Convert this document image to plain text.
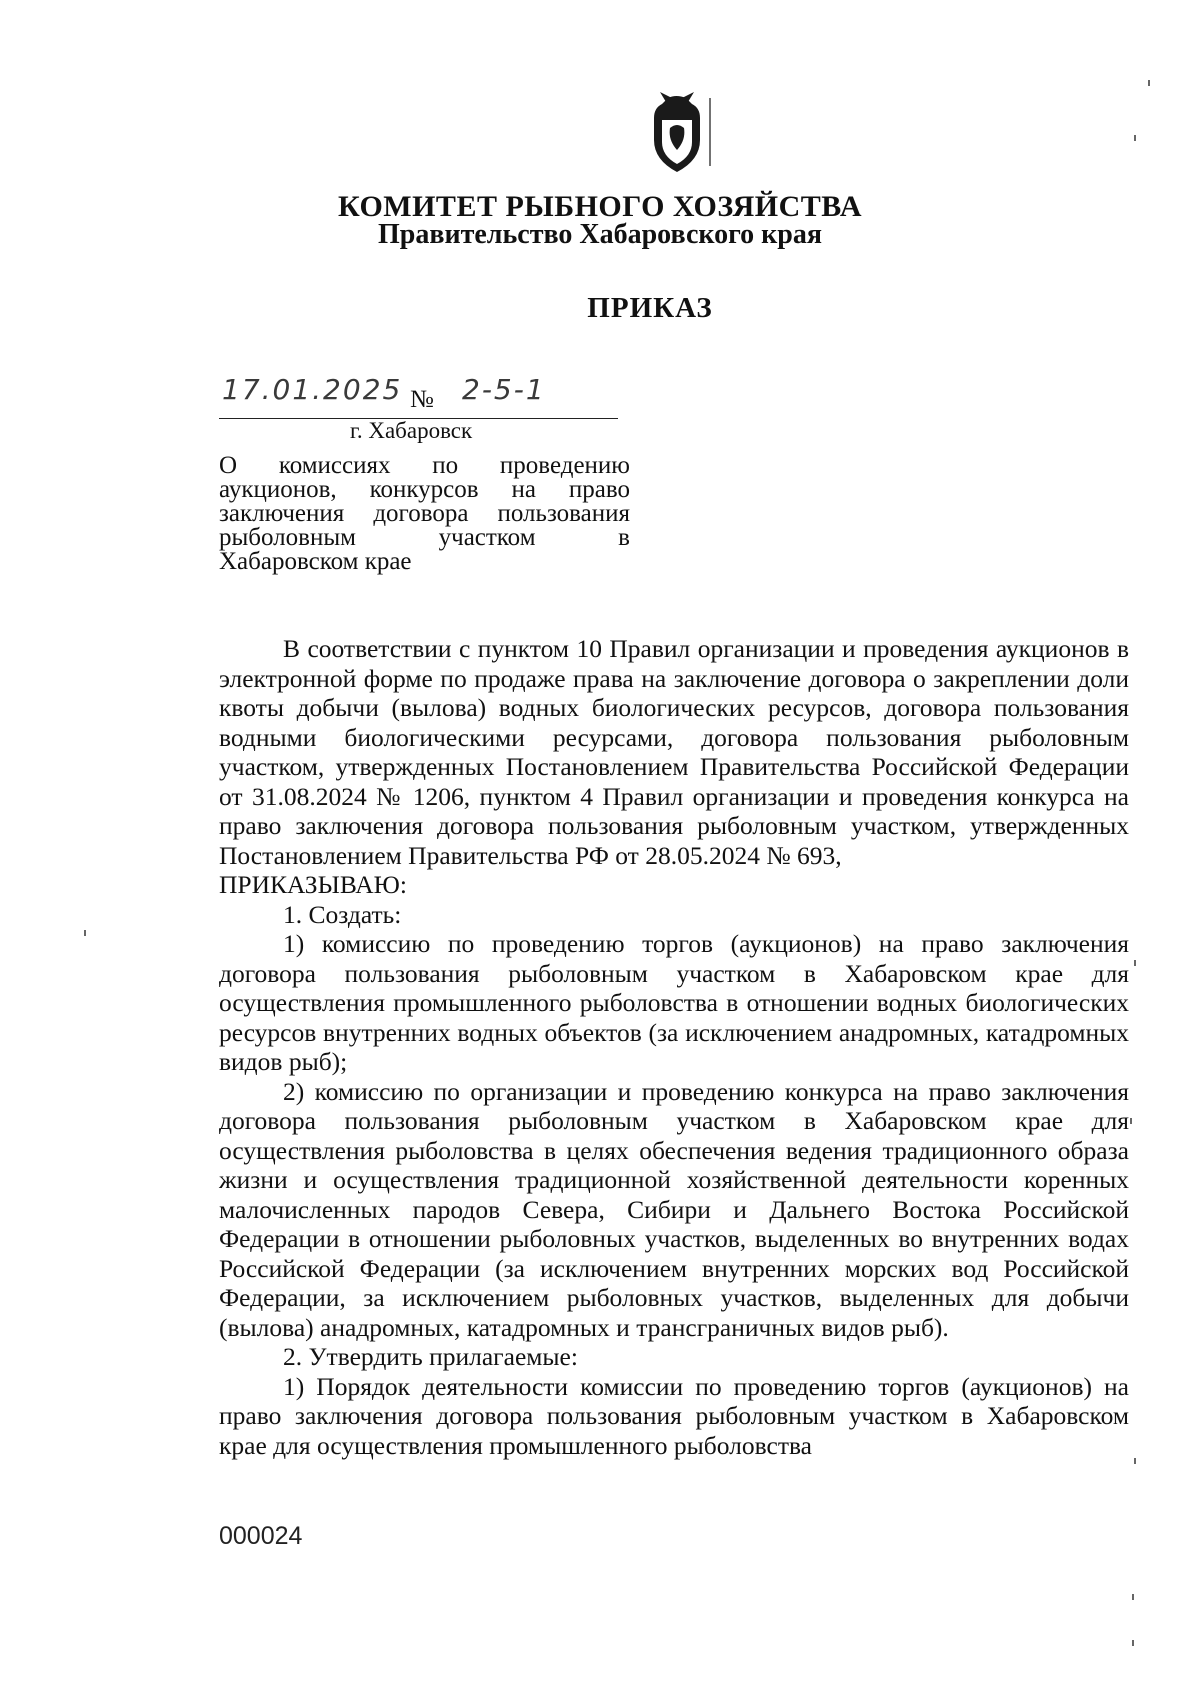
КОМИТЕТ РЫБНОГО ХОЗЯЙСТВА
Правительство Хабаровского края
ПРИКАЗ
17.01.2025 № 2-5-1
г. Хабаровск
О комиссиях по проведению
аукционов, конкурсов на право
заключения договора пользования
рыболовным участком в
Хабаровском крае

В соответствии с пунктом 10 Правил организации и проведения аукционов в электронной форме по продаже права на заключение договора о закреплении доли квоты добычи (вылова) водных биологических ресурсов, договора пользования водными биологическими ресурсами, договора пользования рыболовным участком, утвержденных Постановлением Правительства Российской Федерации от 31.08.2024 № 1206, пунктом 4 Правил организации и проведения конкурса на право заключения договора пользования рыболовным участком, утвержденных Постановлением Правительства РФ от 28.05.2024 № 693,

ПРИКАЗЫВАЮ:

1. Создать:

1) комиссию по проведению торгов (аукционов) на право заключения договора пользования рыболовным участком в Хабаровском крае для осуществления промышленного рыболовства в отношении водных биологических ресурсов внутренних водных объектов (за исключением анадромных, катадромных видов рыб);

2) комиссию по организации и проведению конкурса на право заключения договора пользования рыболовным участком в Хабаровском крае для осуществления рыболовства в целях обеспечения ведения традиционного образа жизни и осуществления традиционной хозяйственной деятельности коренных малочисленных пародов Севера, Сибири и Дальнего Востока Российской Федерации в отношении рыболовных участков, выделенных во внутренних водах Российской Федерации (за исключением внутренних морских вод Российской Федерации, за исключением рыболовных участков, выделенных для добычи (вылова) анадромных, катадромных и трансграничных видов рыб).

2. Утвердить прилагаемые:

1) Порядок деятельности комиссии по проведению торгов (аукционов) на право заключения договора пользования рыболовным участком в Хабаровском крае для осуществления промышленного рыболовства

000024
